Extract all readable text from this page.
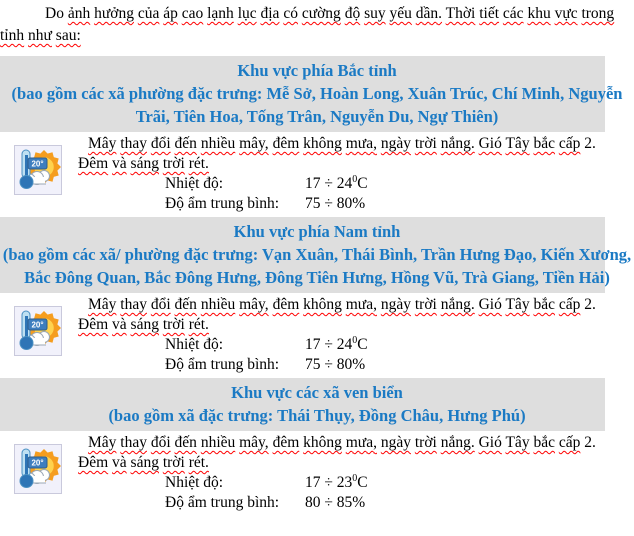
Do ảnh hưởng của áp cao lạnh lục địa có cường độ suy yếu dần. Thời tiết các khu vực trong tỉnh như sau:

Khu vực phía Bắc tỉnh
(bao gồm các xã phường đặc trưng: Mễ Sở, Hoàn Long, Xuân Trúc, Chí Minh, Nguyễn Trãi, Tiên Hoa, Tống Trân, Nguyễn Du, Ngự Thiên)
20°

Mây thay đổi đến nhiều mây, đêm không mưa, ngày trời nắng. Gió Tây bắc cấp 2. Đêm và sáng trời rét.

Nhiệt độ:	$17 \div 24^0C$
Độ ẩm trung bình:	75 ÷ 80%
Khu vực phía Nam tỉnh
(bao gồm các xã/ phường đặc trưng: Vạn Xuân, Thái Bình, Trần Hưng Đạo, Kiến Xương, Bắc Đông Quan, Bắc Đông Hưng, Đông Tiên Hưng, Hồng Vũ, Trà Giang, Tiền Hải)
20°

Mây thay đổi đến nhiều mây, đêm không mưa, ngày trời nắng. Gió Tây bắc cấp 2. Đêm và sáng trời rét.

Nhiệt độ:	$17 \div 24^0C$
Độ ẩm trung bình:	75 ÷ 80%
Khu vực các xã ven biển
(bao gồm xã đặc trưng: Thái Thụy, Đồng Châu, Hưng Phú)
20°

Mây thay đổi đến nhiều mây, đêm không mưa, ngày trời nắng. Gió Tây bắc cấp 2. Đêm và sáng trời rét.

Nhiệt độ:	$17 \div 23^0C$
Độ ẩm trung bình:	80 ÷ 85%
